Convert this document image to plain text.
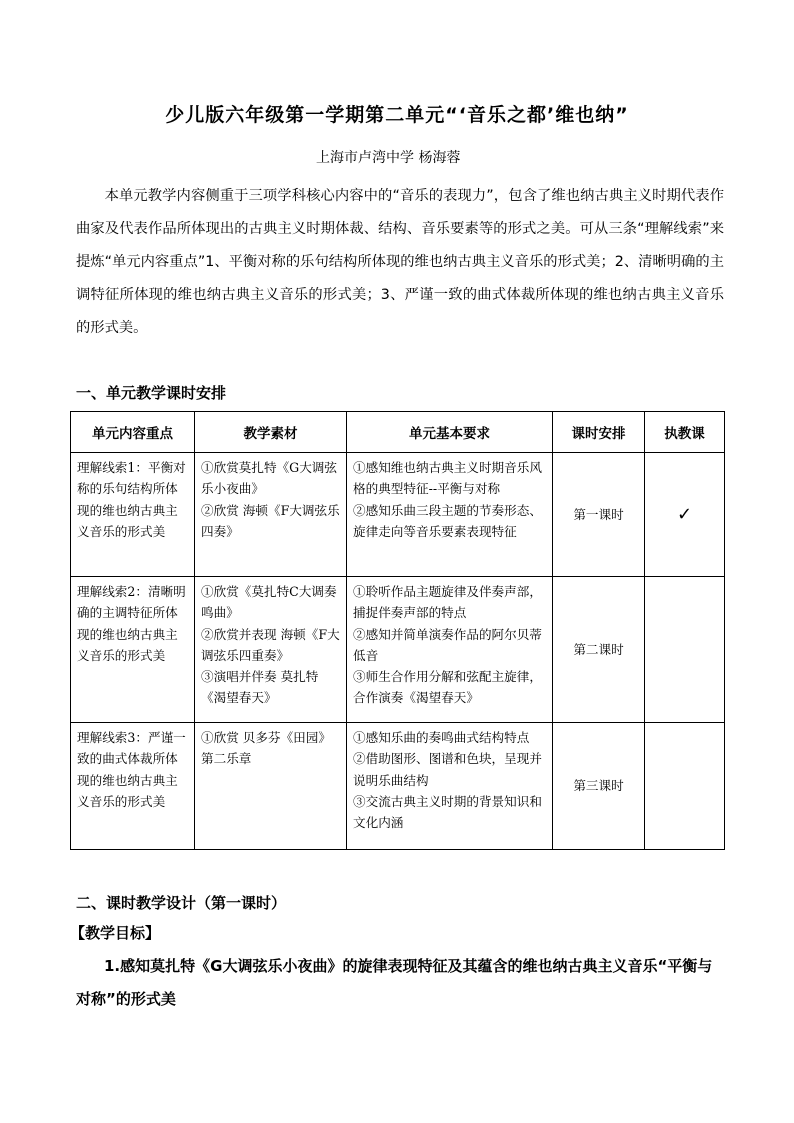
少儿版六年级第一学期第二单元“‘音乐之都’维也纳”
上海市卢湾中学 杨海蓉

本单元教学内容侧重于三项学科核心内容中的“音乐的表现力”，包含了维也纳古典主义时期代表作曲家及代表作品所体现出的古典主义时期体裁、结构、音乐要素等的形式之美。可从三条“理解线索”来提炼“单元内容重点”1、平衡对称的乐句结构所体现的维也纳古典主义音乐的形式美；2、清晰明确的主调特征所体现的维也纳古典主义音乐的形式美；3、严谨一致的曲式体裁所体现的维也纳古典主义音乐的形式美。

一、单元教学课时安排
单元内容重点	教学素材	单元基本要求	课时安排	执教课
理解线索1：平衡对称的乐句结构所体现的维也纳古典主义音乐的形式美	①欣赏莫扎特《G大调弦乐小夜曲》
②欣赏 海顿《F大调弦乐四奏》	①感知维也纳古典主义时期音乐风格的典型特征--平衡与对称
②感知乐曲三段主题的节奏形态、旋律走向等音乐要素表现特征	第一课时	✓
理解线索2：清晰明确的主调特征所体现的维也纳古典主义音乐的形式美	①欣赏《莫扎特C大调奏鸣曲》
②欣赏并表现 海顿《F大调弦乐四重奏》
③演唱并伴奏 莫扎特《渴望春天》	①聆听作品主题旋律及伴奏声部，捕捉伴奏声部的特点
②感知并简单演奏作品的阿尔贝蒂低音
③师生合作用分解和弦配主旋律，合作演奏《渴望春天》	第二课时	
理解线索3：严谨一致的曲式体裁所体现的维也纳古典主义音乐的形式美	①欣赏 贝多芬《田园》第二乐章	①感知乐曲的奏鸣曲式结构特点
②借助图形、图谱和色块，呈现并说明乐曲结构
③交流古典主义时期的背景知识和文化内涵	第三课时	
二、课时教学设计（第一课时）
【教学目标】

1.感知莫扎特《G大调弦乐小夜曲》的旋律表现特征及其蕴含的维也纳古典主义音乐“平衡与对称”的形式美
